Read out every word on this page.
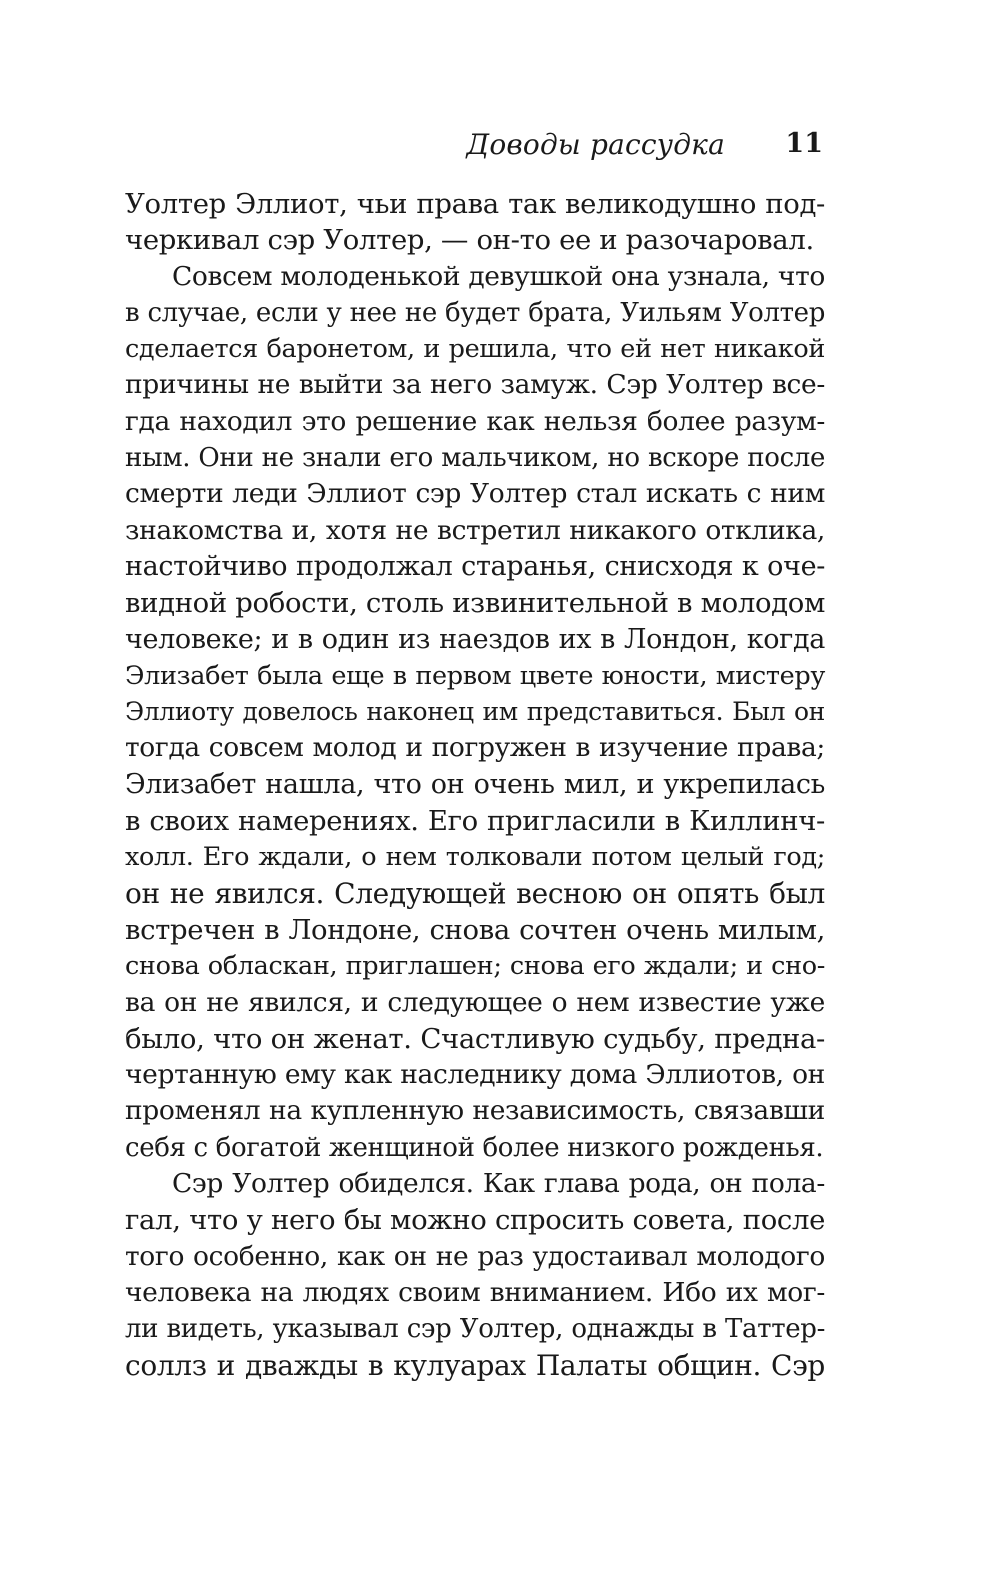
Доводы рассудка 11
Уолтер Эллиот, чьи права так великодушно под-
черкивал сэр Уолтер, — он-то ее и разочаровал.
Совсем молоденькой девушкой она узнала, что
в случае, если у нее не будет брата, Уильям Уолтер
сделается баронетом, и решила, что ей нет никакой
причины не выйти за него замуж. Сэр Уолтер все-
гда находил это решение как нельзя более разум-
ным. Они не знали его мальчиком, но вскоре после
смерти леди Эллиот сэр Уолтер стал искать с ним
знакомства и, хотя не встретил никакого отклика,
настойчиво продолжал старанья, снисходя к оче-
видной робости, столь извинительной в молодом
человеке; и в один из наездов их в Лондон, когда
Элизабет была еще в первом цвете юности, мистеру
Эллиоту довелось наконец им представиться. Был он
тогда совсем молод и погружен в изучение права;
Элизабет нашла, что он очень мил, и укрепилась
в своих намерениях. Его пригласили в Киллинч-
холл. Его ждали, о нем толковали потом целый год;
он не явился. Следующей весною он опять был
встречен в Лондоне, снова сочтен очень милым,
снова обласкан, приглашен; снова его ждали; и сно-
ва он не явился, и следующее о нем известие уже
было, что он женат. Счастливую судьбу, предна-
чертанную ему как наследнику дома Эллиотов, он
променял на купленную независимость, связавши
себя с богатой женщиной более низкого рожденья.
Сэр Уолтер обиделся. Как глава рода, он пола-
гал, что у него бы можно спросить совета, после
того особенно, как он не раз удостаивал молодого
человека на людях своим вниманием. Ибо их мог-
ли видеть, указывал сэр Уолтер, однажды в Таттер-
соллз и дважды в кулуарах Палаты общин. Сэр
